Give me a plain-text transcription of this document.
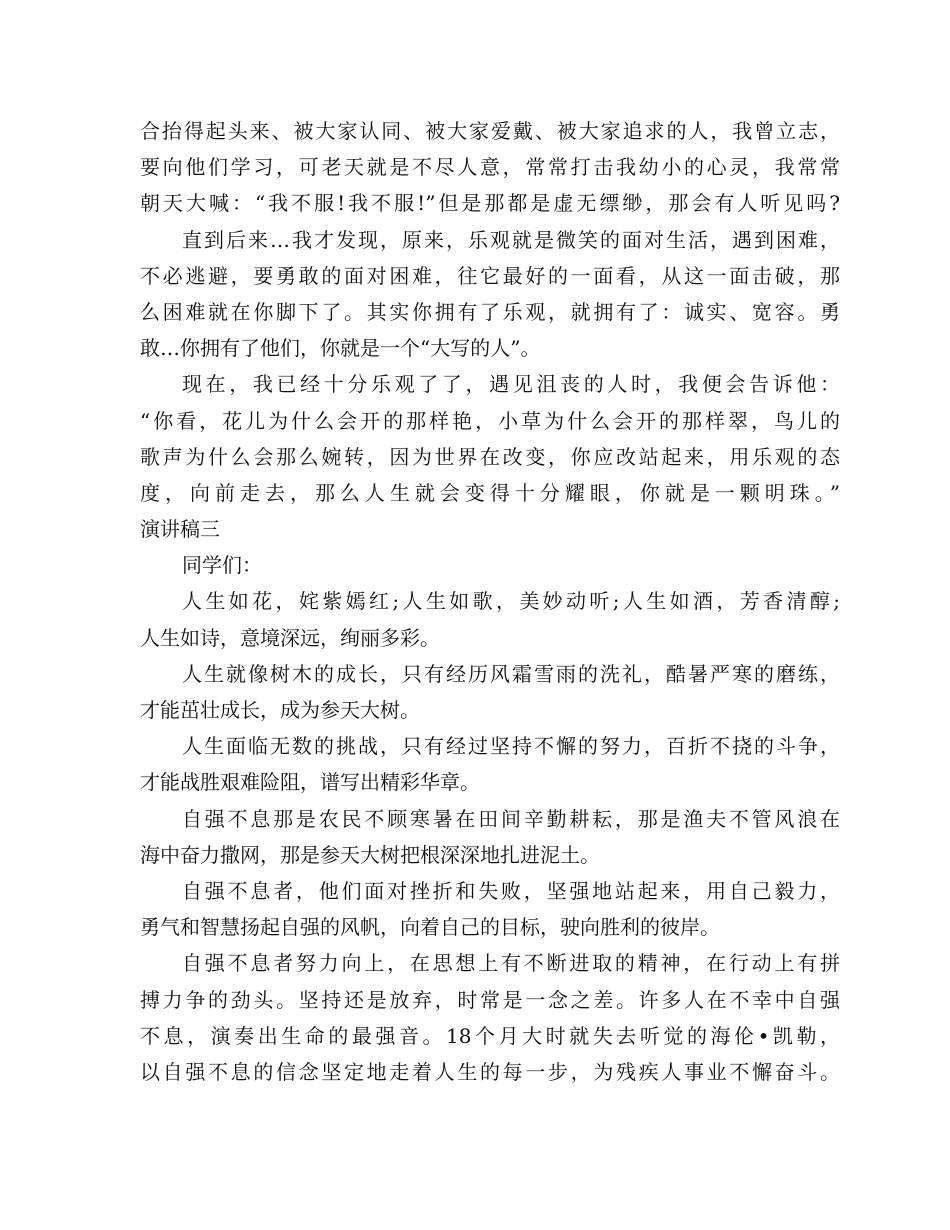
合抬得起头来、被大家认同、被大家爱戴、被大家追求的人，我曾立志，
要向他们学习，可老天就是不尽人意，常常打击我幼小的心灵，我常常
朝天大喊：“我不服!我不服!”但是那都是虚无缥缈，那会有人听见吗?
直到后来…我才发现，原来，乐观就是微笑的面对生活，遇到困难，
不必逃避，要勇敢的面对困难，往它最好的一面看，从这一面击破，那
么困难就在你脚下了。其实你拥有了乐观，就拥有了：诚实、宽容。勇
敢…你拥有了他们，你就是一个“大写的人”。
现在，我已经十分乐观了了，遇见沮丧的人时，我便会告诉他：
“你看，花儿为什么会开的那样艳，小草为什么会开的那样翠，鸟儿的
歌声为什么会那么婉转，因为世界在改变，你应改站起来，用乐观的态
度，向前走去，那么人生就会变得十分耀眼，你就是一颗明珠。”
演讲稿三
同学们：
人生如花，姹紫嫣红;人生如歌，美妙动听;人生如酒，芳香清醇;
人生如诗，意境深远，绚丽多彩。
人生就像树木的成长，只有经历风霜雪雨的洗礼，酷暑严寒的磨练，
才能茁壮成长，成为参天大树。
人生面临无数的挑战，只有经过坚持不懈的努力，百折不挠的斗争，
才能战胜艰难险阻，谱写出精彩华章。
自强不息那是农民不顾寒暑在田间辛勤耕耘，那是渔夫不管风浪在
海中奋力撒网，那是参天大树把根深深地扎进泥土。
自强不息者，他们面对挫折和失败，坚强地站起来，用自己毅力，
勇气和智慧扬起自强的风帆，向着自己的目标，驶向胜利的彼岸。
自强不息者努力向上，在思想上有不断进取的精神，在行动上有拼
搏力争的劲头。坚持还是放弃，时常是一念之差。许多人在不幸中自强
不息，演奏出生命的最强音。18个月大时就失去听觉的海伦•凯勒，
以自强不息的信念坚定地走着人生的每一步，为残疾人事业不懈奋斗。
